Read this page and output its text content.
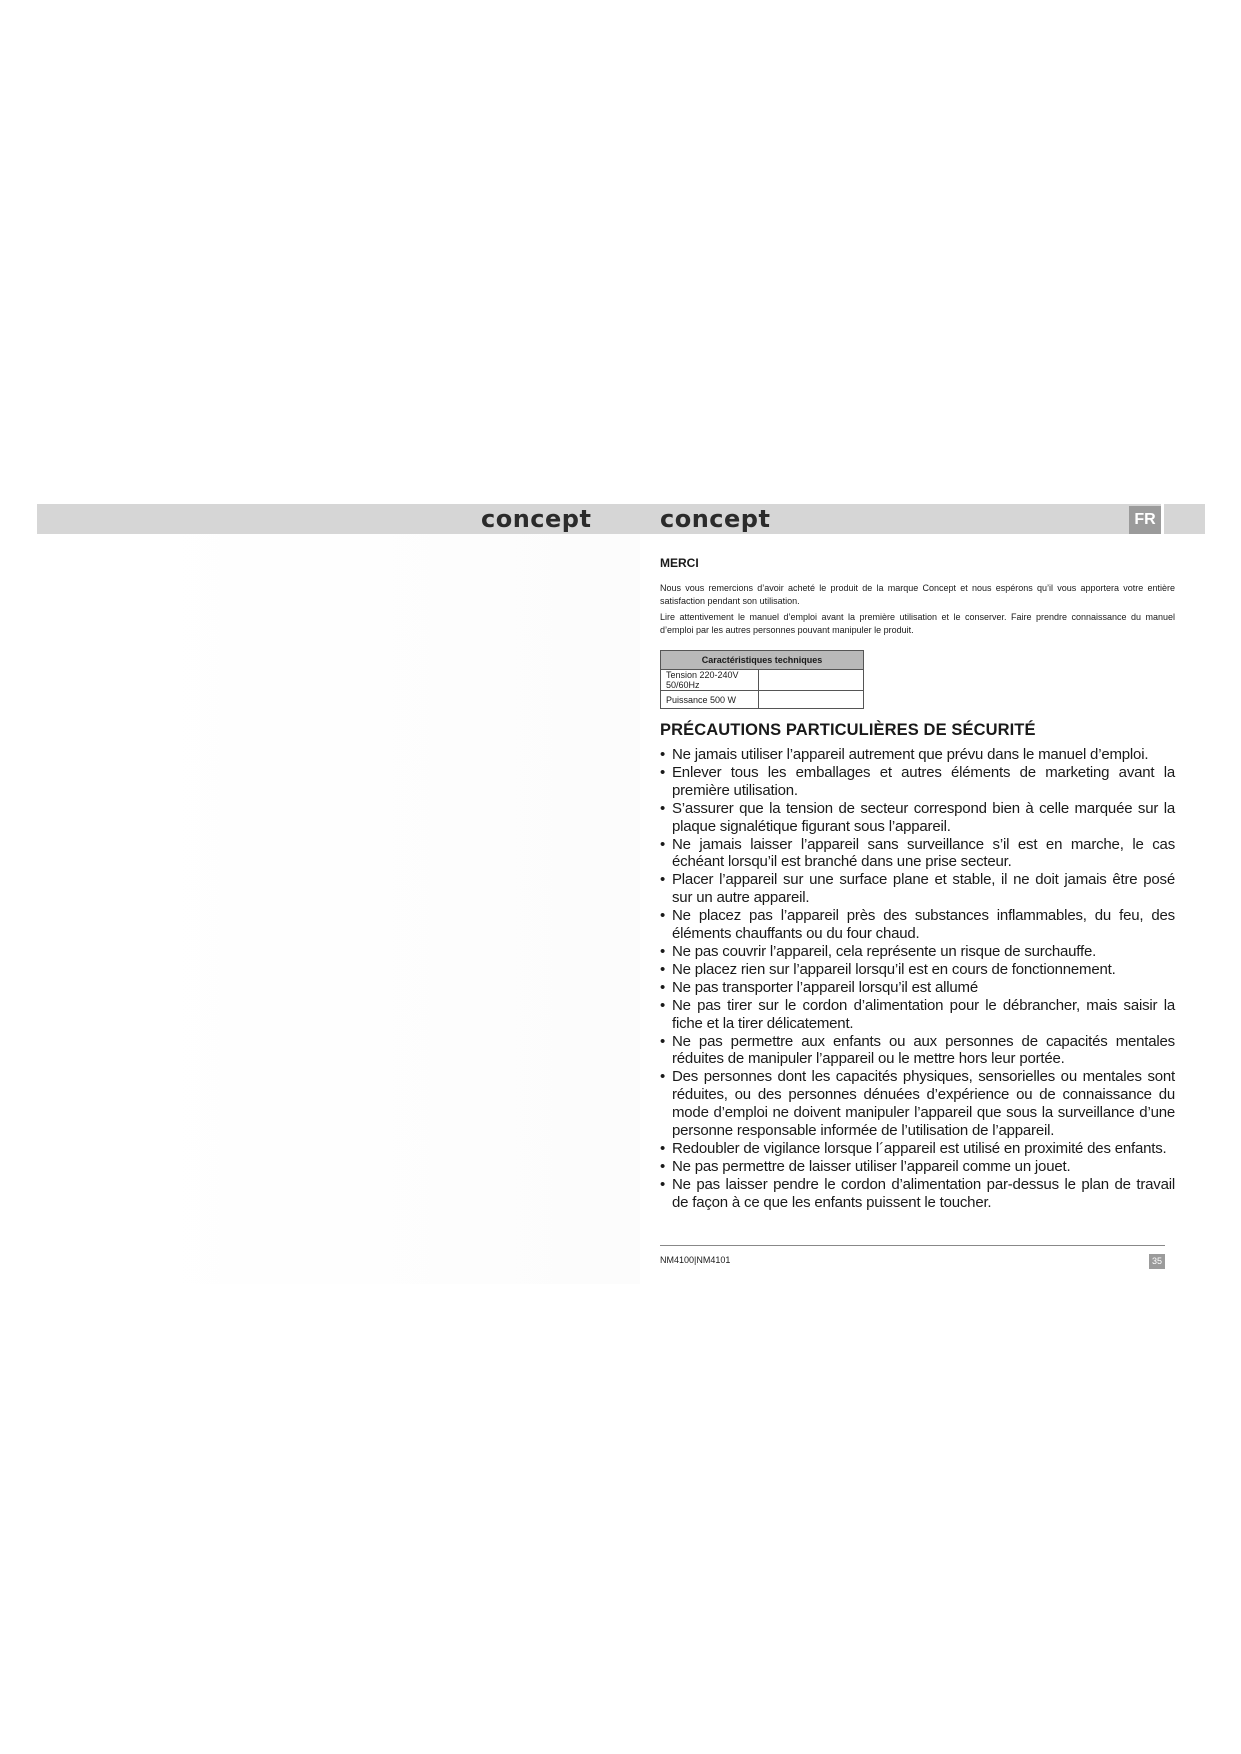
concept	concept	FR
MERCI

Nous vous remercions d’avoir acheté le produit de la marque Concept et nous espérons qu’il vous apportera votre entière satisfaction pendant son utilisation.

Lire attentivement le manuel d’emploi avant la première utilisation et le conserver. Faire prendre connaissance du manuel d’emploi par les autres personnes pouvant manipuler le produit.

Caractéristiques techniques	
Tension 220-240V 50/60Hz	
Puissance 500 W	
PRÉCAUTIONS PARTICULIÈRES DE SÉCURITÉ
• Ne jamais utiliser l’appareil autrement que prévu dans le manuel d’emploi.
• Enlever tous les emballages et autres éléments de marketing avant la première utilisation.
• S’assurer que la tension de secteur correspond bien à celle marquée sur la plaque signalétique figurant sous l’appareil.
• Ne jamais laisser l’appareil sans surveillance s’il est en marche, le cas échéant lorsqu’il est branché dans une prise secteur.
• Placer l’appareil sur une surface plane et stable, il ne doit jamais être posé sur un autre appareil.
• Ne placez pas l’appareil près des substances inflammables, du feu, des éléments chauffants ou du four chaud.
• Ne pas couvrir l’appareil, cela représente un risque de surchauffe.
• Ne placez rien sur l’appareil lorsqu’il est en cours de fonctionnement.
• Ne pas transporter l’appareil lorsqu’il est allumé
• Ne pas tirer sur le cordon d’alimentation pour le débrancher, mais saisir la fiche et la tirer délicatement.
• Ne pas permettre aux enfants ou aux personnes de capacités mentales réduites de manipuler l’appareil ou le mettre hors leur portée.
• Des personnes dont les capacités physiques, sensorielles ou mentales sont réduites, ou des personnes dénuées d’expérience ou de connaissance du mode d’emploi ne doivent manipuler l’appareil que sous la surveillance d’une personne responsable informée de l’utilisation de l’appareil.
• Redoubler de vigilance lorsque l´appareil est utilisé en proximité des enfants.
• Ne pas permettre de laisser utiliser l’appareil comme un jouet.
• Ne pas laisser pendre le cordon d’alimentation par-dessus le plan de travail de façon à ce que les enfants puissent le toucher.
NM4100|NM4101	35
